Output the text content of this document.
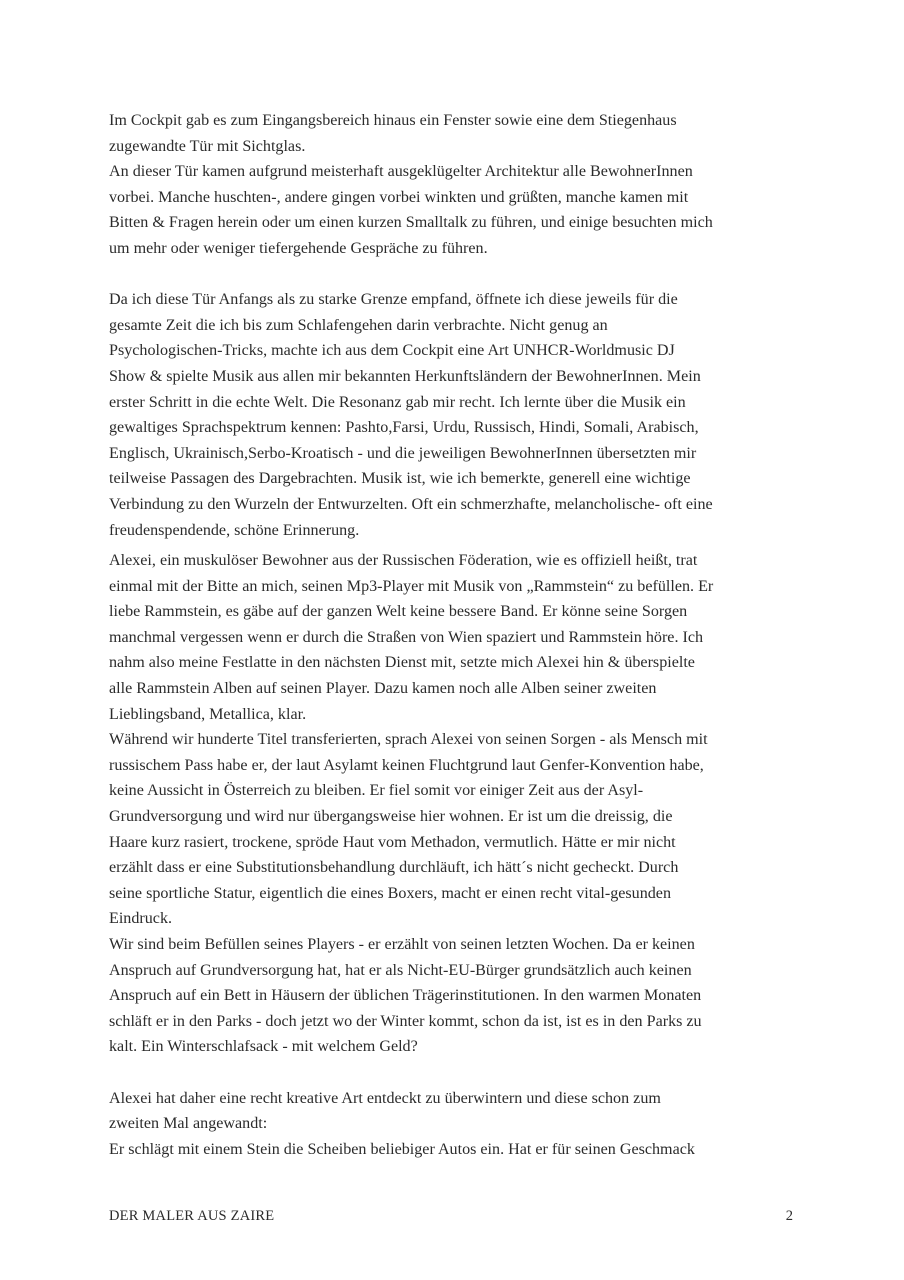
Im Cockpit gab es zum Eingangsbereich hinaus ein Fenster sowie eine dem Stiegenhaus
zugewandte Tür mit Sichtglas.
An dieser Tür kamen aufgrund meisterhaft ausgeklügelter Architektur alle BewohnerInnen
vorbei. Manche huschten-, andere gingen vorbei winkten und grüßten, manche kamen mit
Bitten & Fragen herein oder um einen kurzen Smalltalk zu führen, und einige besuchten mich
um mehr oder weniger tiefergehende Gespräche zu führen.

Da ich diese Tür Anfangs als zu starke Grenze empfand, öffnete ich diese jeweils für die
gesamte Zeit die ich bis zum Schlafengehen darin verbrachte. Nicht genug an
Psychologischen-Tricks, machte ich aus dem Cockpit eine Art UNHCR-Worldmusic DJ
Show & spielte Musik aus allen mir bekannten Herkunftsländern der BewohnerInnen. Mein
erster Schritt in die echte Welt. Die Resonanz gab mir recht. Ich lernte über die Musik ein
gewaltiges Sprachspektrum kennen: Pashto,Farsi, Urdu, Russisch, Hindi, Somali, Arabisch,
Englisch, Ukrainisch,Serbo-Kroatisch - und die jeweiligen BewohnerInnen übersetzten mir
teilweise Passagen des Dargebrachten. Musik ist, wie ich bemerkte, generell eine wichtige
Verbindung zu den Wurzeln der Entwurzelten. Oft ein schmerzhafte, melancholische- oft eine
freudenspendende, schöne Erinnerung.

Alexei, ein muskulöser Bewohner aus der Russischen Föderation, wie es offiziell heißt, trat
einmal mit der Bitte an mich, seinen Mp3-Player mit Musik von „Rammstein“ zu befüllen. Er
liebe Rammstein, es gäbe auf der ganzen Welt keine bessere Band. Er könne seine Sorgen
manchmal vergessen wenn er durch die Straßen von Wien spaziert und Rammstein höre. Ich
nahm also meine Festlatte in den nächsten Dienst mit, setzte mich Alexei hin & überspielte
alle Rammstein Alben auf seinen Player. Dazu kamen noch alle Alben seiner zweiten
Lieblingsband, Metallica, klar.
Während wir hunderte Titel transferierten, sprach Alexei von seinen Sorgen - als Mensch mit
russischem Pass habe er, der laut Asylamt keinen Fluchtgrund laut Genfer-Konvention habe,
keine Aussicht in Österreich zu bleiben. Er fiel somit vor einiger Zeit aus der Asyl-
Grundversorgung und wird nur übergangsweise hier wohnen. Er ist um die dreissig, die
Haare kurz rasiert, trockene, spröde Haut vom Methadon, vermutlich. Hätte er mir nicht
erzählt dass er eine Substitutionsbehandlung durchläuft, ich hätt´s nicht gecheckt. Durch
seine sportliche Statur, eigentlich die eines Boxers, macht er einen recht vital-gesunden
Eindruck.
Wir sind beim Befüllen seines Players - er erzählt von seinen letzten Wochen. Da er keinen
Anspruch auf Grundversorgung hat, hat er als Nicht-EU-Bürger grundsätzlich auch keinen
Anspruch auf ein Bett in Häusern der üblichen Trägerinstitutionen. In den warmen Monaten
schläft er in den Parks - doch jetzt wo der Winter kommt, schon da ist, ist es in den Parks zu
kalt. Ein Winterschlafsack - mit welchem Geld?

Alexei hat daher eine recht kreative Art entdeckt zu überwintern und diese schon zum
zweiten Mal angewandt:
Er schlägt mit einem Stein die Scheiben beliebiger Autos ein. Hat er für seinen Geschmack

DER MALER AUS ZAIRE	2
